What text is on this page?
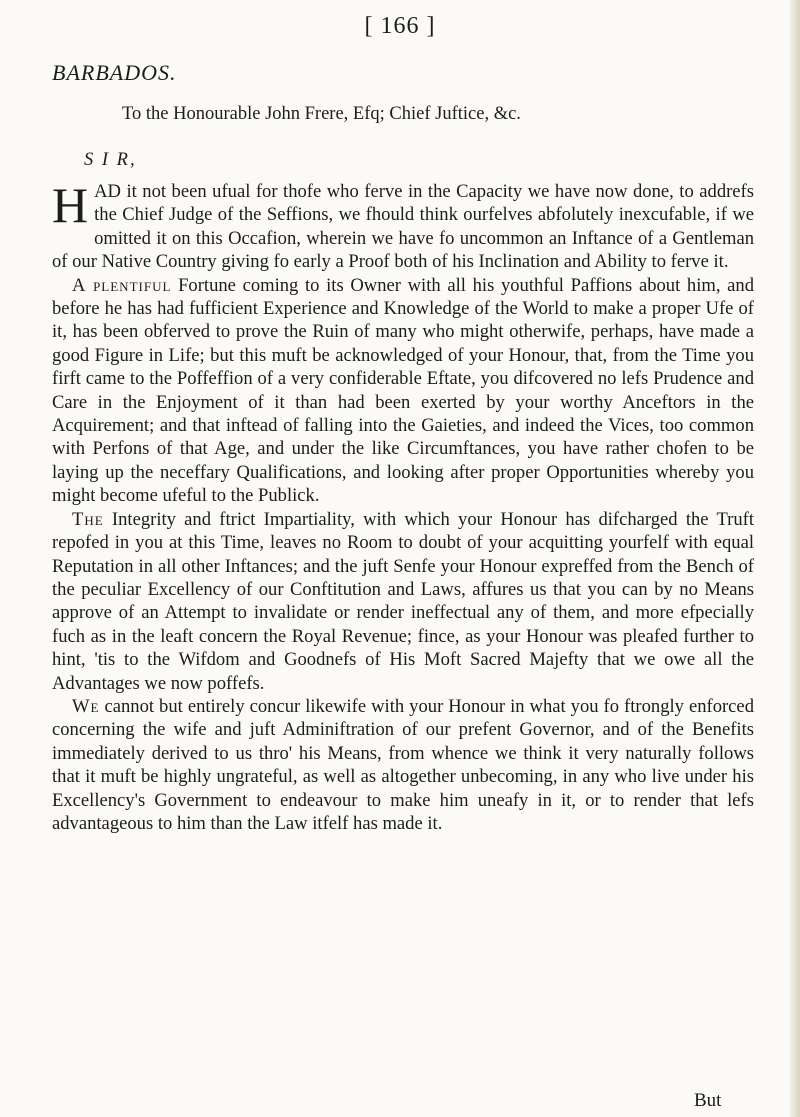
[ 166 ]
BARBADOS.
To the Honourable John Frere, Efq; Chief Juftice, &c.
S I R,

HAD it not been ufual for thofe who ferve in the Capacity we have now done, to addrefs the Chief Judge of the Seffions, we fhould think ourfelves abfolutely inexcufable, if we omitted it on this Occafion, wherein we have fo uncommon an Inftance of a Gentleman of our Native Country giving fo early a Proof both of his Inclination and Ability to ferve it.

A plentiful Fortune coming to its Owner with all his youthful Paffions about him, and before he has had fufficient Experience and Knowledge of the World to make a proper Ufe of it, has been obferved to prove the Ruin of many who might otherwife, perhaps, have made a good Figure in Life; but this muft be acknowledged of your Honour, that, from the Time you firft came to the Poffeffion of a very confiderable Eftate, you difcovered no lefs Prudence and Care in the Enjoyment of it than had been exerted by your worthy Anceftors in the Acquirement; and that inftead of falling into the Gaieties, and indeed the Vices, too common with Perfons of that Age, and under the like Circumftances, you have rather chofen to be laying up the neceffary Qualifications, and looking after proper Opportunities whereby you might become ufeful to the Publick.

The Integrity and ftrict Impartiality, with which your Honour has difcharged the Truft repofed in you at this Time, leaves no Room to doubt of your acquitting yourfelf with equal Reputation in all other Inftances; and the juft Senfe your Honour expreffed from the Bench of the peculiar Excellency of our Conftitution and Laws, affures us that you can by no Means approve of an Attempt to invalidate or render ineffectual any of them, and more efpecially fuch as in the leaft concern the Royal Revenue; fince, as your Honour was pleafed further to hint, 'tis to the Wifdom and Goodnefs of His Moft Sacred Majefty that we owe all the Advantages we now poffefs.

We cannot but entirely concur likewife with your Honour in what you fo ftrongly enforced concerning the wife and juft Adminiftration of our prefent Governor, and of the Benefits immediately derived to us thro' his Means, from whence we think it very naturally follows that it muft be highly ungrateful, as well as altogether unbecoming, in any who live under his Excellency's Government to endeavour to make him uneafy in it, or to render that lefs advantageous to him than the Law itfelf has made it.

But
